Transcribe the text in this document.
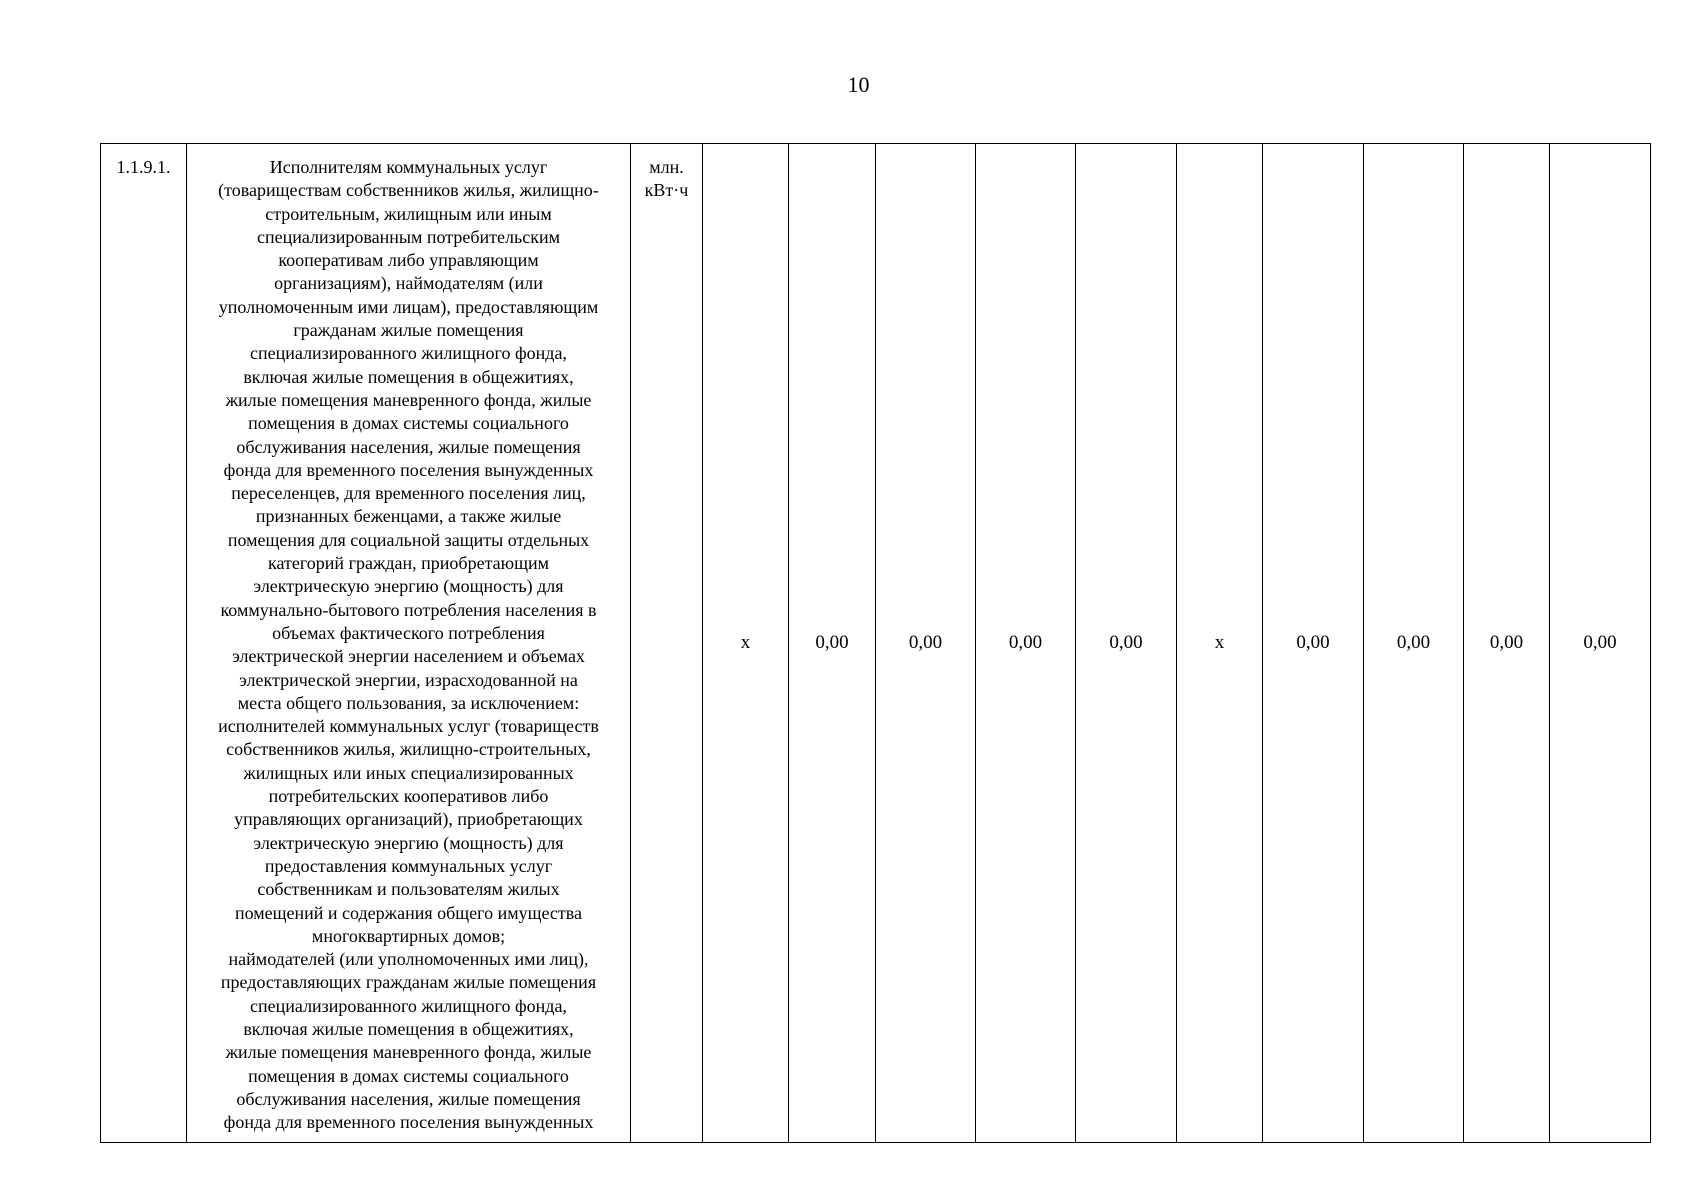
10
1.1.9.1.	Исполнителям коммунальных услуг
(товариществам собственников жилья, жилищно-
строительным, жилищным или иным
специализированным потребительским
кооперативам либо управляющим
организациям), наймодателям (или
уполномоченным ими лицам), предоставляющим
гражданам жилые помещения
специализированного жилищного фонда,
включая жилые помещения в общежитиях,
жилые помещения маневренного фонда, жилые
помещения в домах системы социального
обслуживания населения, жилые помещения
фонда для временного поселения вынужденных
переселенцев, для временного поселения лиц,
признанных беженцами, а также жилые
помещения для социальной защиты отдельных
категорий граждан, приобретающим
электрическую энергию (мощность) для
коммунально-бытового потребления населения в
объемах фактического потребления
электрической энергии населением и объемах
электрической энергии, израсходованной на
места общего пользования, за исключением:
исполнителей коммунальных услуг (товариществ
собственников жилья, жилищно-строительных,
жилищных или иных специализированных
потребительских кооперативов либо
управляющих организаций), приобретающих
электрическую энергию (мощность) для
предоставления коммунальных услуг
собственникам и пользователям жилых
помещений и содержания общего имущества
многоквартирных домов;
наймодателей (или уполномоченных ими лиц),
предоставляющих гражданам жилые помещения
специализированного жилищного фонда,
включая жилые помещения в общежитиях,
жилые помещения маневренного фонда, жилые
помещения в домах системы социального
обслуживания населения, жилые помещения
фонда для временного поселения вынужденных	млн.
кВт·ч	х	0,00	0,00	0,00	0,00	х	0,00	0,00	0,00	0,00
